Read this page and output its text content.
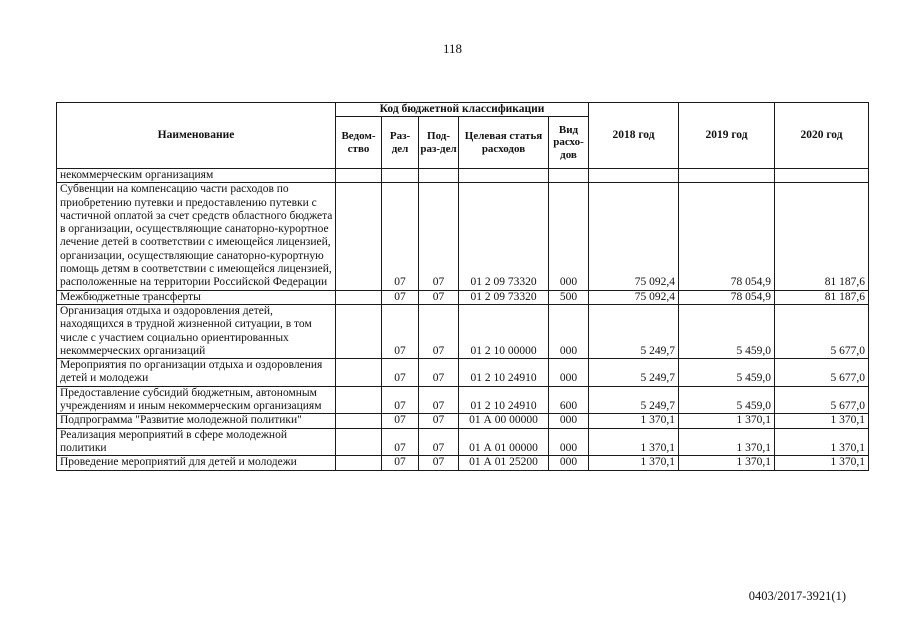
118
Наименование	Код бюджетной классификации					2018 год	2019 год	2020 год
	Ведом-ство	Раз-дел	Под-раз-дел	Целевая статья расходов	Вид расхо-дов			
некоммерческим организациям								
Субвенции на компенсацию части расходов по приобретению путевки и предоставлению путевки с частичной оплатой за счет средств областного бюджета в организации, осуществляющие санаторно-курортное лечение детей в соответствии с имеющейся лицензией, организации, осуществляющие санаторно-курортную помощь детям в соответствии с имеющейся лицензией, расположенные на территории Российской Федерации		07	07	01 2 09 73320	000	75 092,4	78 054,9	81 187,6
Межбюджетные трансферты		07	07	01 2 09 73320	500	75 092,4	78 054,9	81 187,6
Организация отдыха и оздоровления детей, находящихся в трудной жизненной ситуации, в том числе с участием социально ориентированных некоммерческих организаций		07	07	01 2 10 00000	000	5 249,7	5 459,0	5 677,0
Мероприятия по организации отдыха и оздоровления детей и молодежи		07	07	01 2 10 24910	000	5 249,7	5 459,0	5 677,0
Предоставление субсидий бюджетным, автономным учреждениям и иным некоммерческим организациям		07	07	01 2 10 24910	600	5 249,7	5 459,0	5 677,0
Подпрограмма "Развитие молодежной политики"		07	07	01 А 00 00000	000	1 370,1	1 370,1	1 370,1
Реализация мероприятий в сфере молодежной политики		07	07	01 А 01 00000	000	1 370,1	1 370,1	1 370,1
Проведение мероприятий для детей и молодежи		07	07	01 А 01 25200	000	1 370,1	1 370,1	1 370,1
0403/2017-3921(1)
